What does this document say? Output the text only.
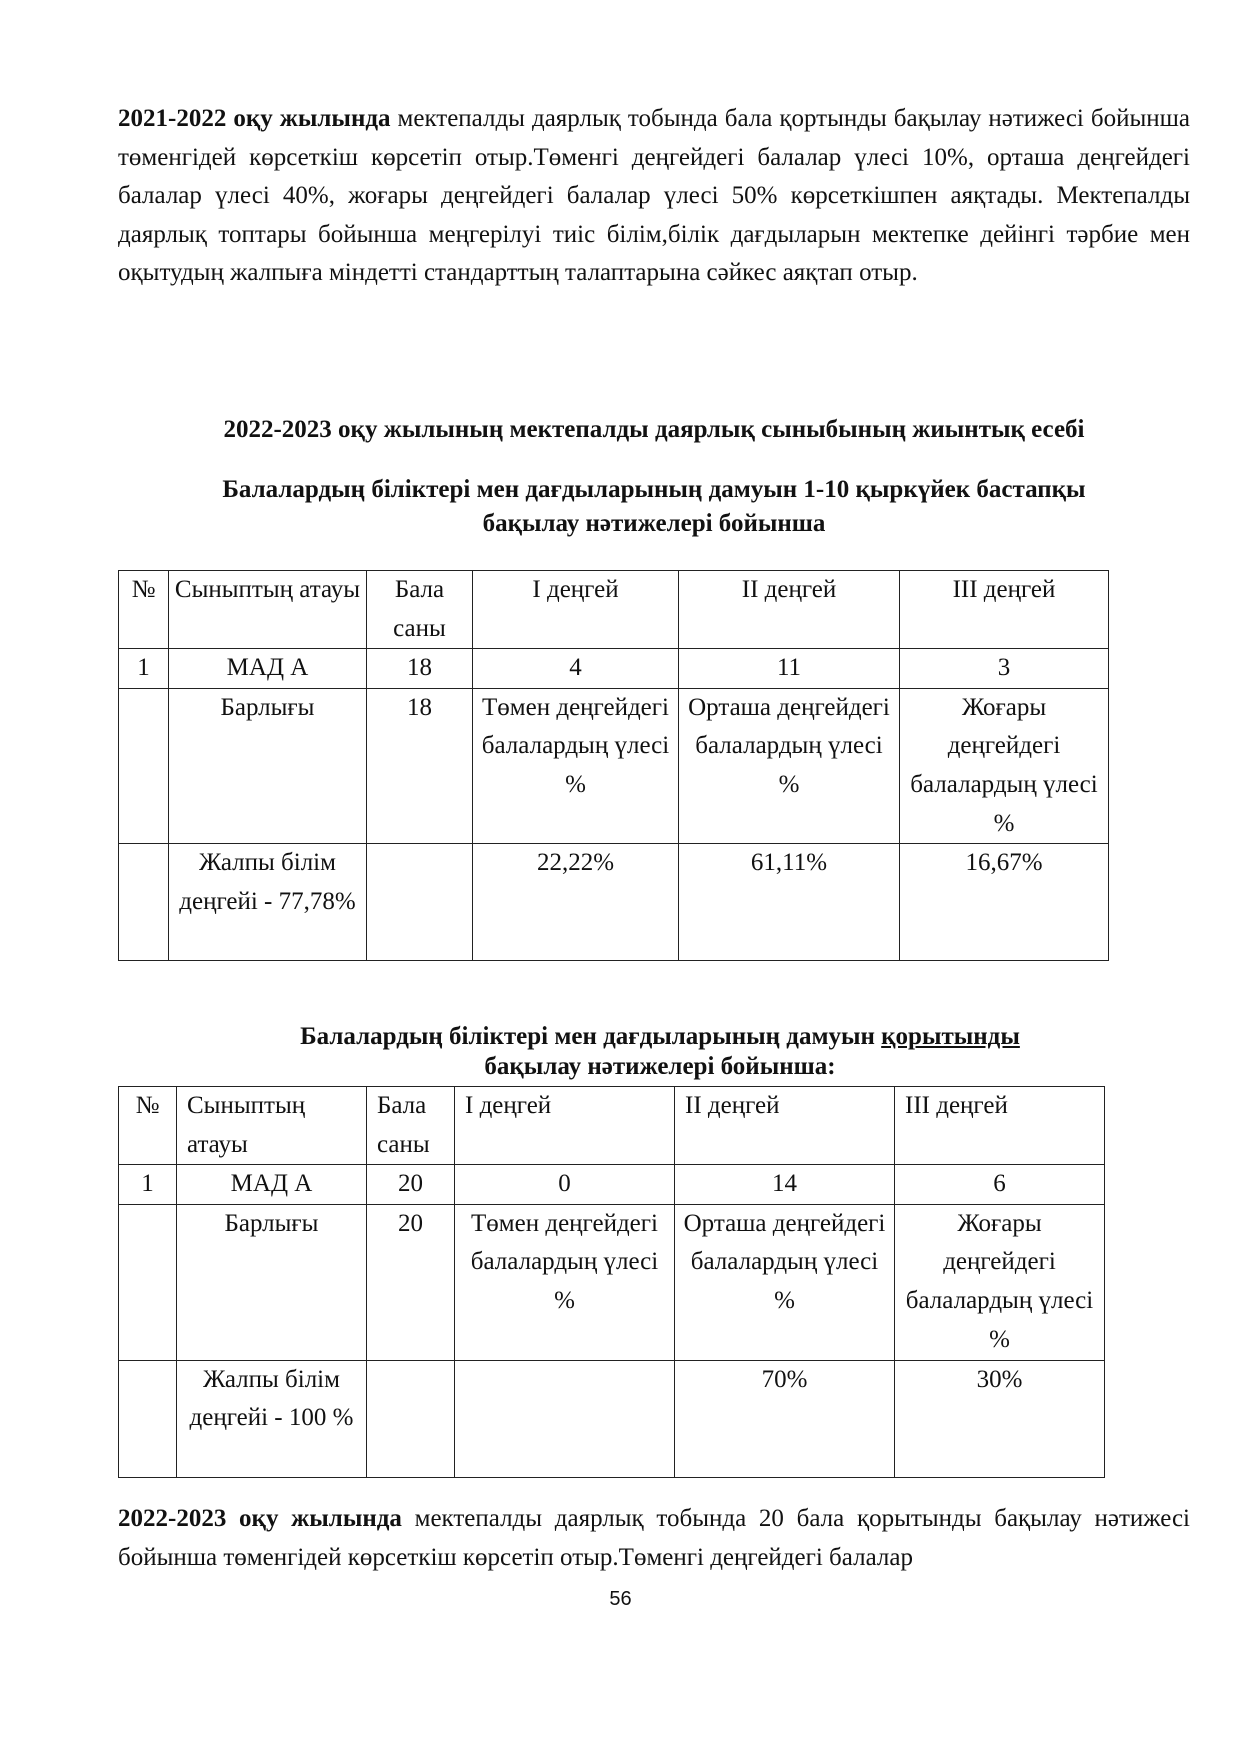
2021-2022 оқу жылында мектепалды даярлық тобында бала қортынды бақылау нәтижесі бойынша төменгідей көрсеткіш көрсетіп отыр.Төменгі деңгейдегі балалар үлесі 10%, орташа деңгейдегі балалар үлесі 40%, жоғары деңгейдегі балалар үлесі 50% көрсеткішпен аяқтады. Мектепалды даярлық топтары бойынша меңгерілуі тиіс білім,білік дағдыларын мектепке дейінгі тәрбие мен оқытудың жалпыға міндетті стандарттың талаптарына сәйкес аяқтап отыр.
2022-2023 оқу жылының мектепалды даярлық сыныбының жиынтық есебі
Балалардың біліктері мен дағдыларының дамуын 1-10 қыркүйек бастапқы
бақылау нәтижелері бойынша
№	Сыныптың атауы	Бала саны	I деңгей	II деңгей	III деңгей
1	МАД А	18	4	11	3
	Барлығы	18	Төмен деңгейдегі балалардың үлесі %	Орташа деңгейдегі балалардың үлесі %	Жоғары деңгейдегі балалардың үлесі %
	Жалпы білім деңгейі - 77,78%		22,22%	61,11%	16,67%
Балалардың біліктері мен дағдыларының дамуын қорытынды
бақылау нәтижелері бойынша:
№	Сыныптың атауы	Бала саны	I деңгей	II деңгей	III деңгей
1	МАД А	20	0	14	6
	Барлығы	20	Төмен деңгейдегі балалардың үлесі %	Орташа деңгейдегі балалардың үлесі %	Жоғары деңгейдегі балалардың үлесі %
	Жалпы білім деңгейі - 100 %			70%	30%
2022-2023 оқу жылында мектепалды даярлық тобында 20 бала қорытынды бақылау нәтижесі бойынша төменгідей көрсеткіш көрсетіп отыр.Төменгі деңгейдегі балалар
56
